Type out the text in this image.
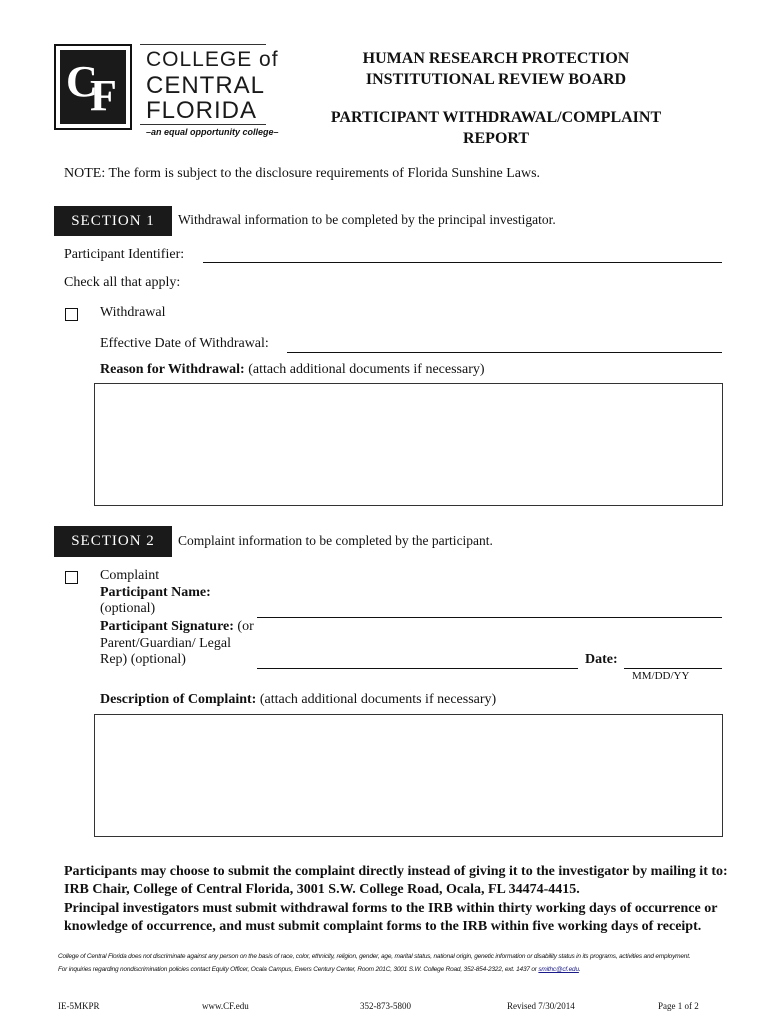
C
F
COLLEGE of
CENTRAL
FLORIDA
–an equal opportunity college–
HUMAN RESEARCH PROTECTION
INSTITUTIONAL REVIEW BOARD
PARTICIPANT WITHDRAWAL/COMPLAINT
REPORT
NOTE: The form is subject to the disclosure requirements of Florida Sunshine Laws.
SECTION 1	Withdrawal information to be completed by the principal investigator.
Participant Identifier:
Check all that apply:
Withdrawal
Effective Date of Withdrawal:
Reason for Withdrawal: (attach additional documents if necessary)
SECTION 2	Complaint information to be completed by the participant.
Complaint
Participant Name:
(optional)
Participant Signature: (or
Parent/Guardian/ Legal
Rep) (optional)	Date:
MM/DD/YY
Description of Complaint: (attach additional documents if necessary)
Participants may choose to submit the complaint directly instead of giving it to the investigator by mailing it to:
IRB Chair, College of Central Florida, 3001 S.W. College Road, Ocala, FL 34474-4415.
Principal investigators must submit withdrawal forms to the IRB within thirty working days of occurrence or
knowledge of occurrence, and must submit complaint forms to the IRB within five working days of receipt.
College of Central Florida does not discriminate against any person on the basis of race, color, ethnicity, religion, gender, age, marital status, national origin, genetic information or disability status in its programs, activities and employment.
For inquiries regarding nondiscrimination policies contact Equity Officer, Ocala Campus, Ewers Century Center, Room 201C, 3001 S.W. College Road, 352-854-2322, ext. 1437 or smithc@cf.edu.
IE-5MKPR	www.CF.edu	352-873-5800	Revised 7/30/2014	Page 1 of 2
